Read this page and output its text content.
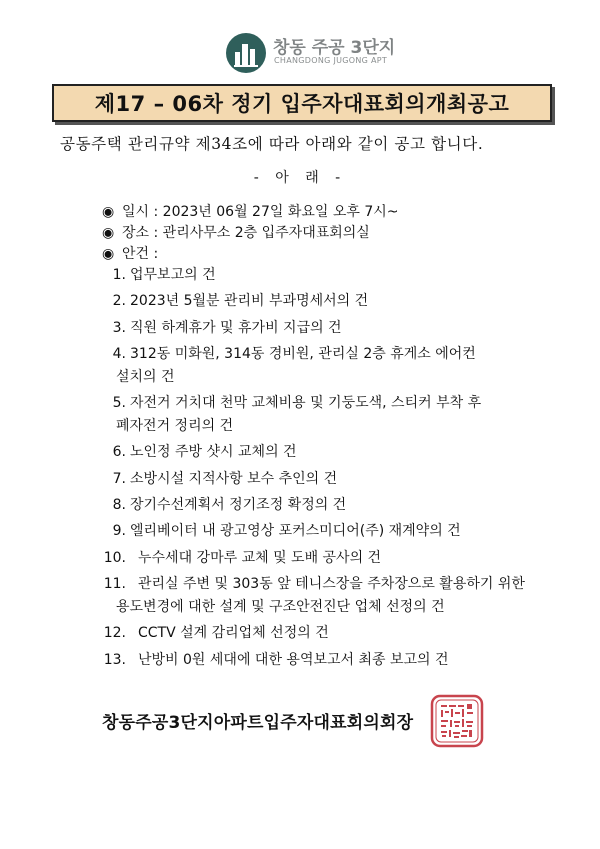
창동 주공 3단지
CHANGDONG JUGONG APT
제17 – 06차 정기 입주자대표회의개최공고
공동주택 관리규약 제34조에 따라 아래와 같이 공고 합니다.
- 아 래 -
◉ 일시 : 2023년 06월 27일 화요일 오후 7시~
◉ 장소 : 관리사무소 2층 입주자대표회의실
◉ 안건 :
1. 업무보고의 건
2. 2023년 5월분 관리비 부과명세서의 건
3. 직원 하계휴가 및 휴가비 지급의 건
4. 312동 미화원, 314동 경비원, 관리실 2층 휴게소 에어컨
설치의 건
5. 자전거 거치대 천막 교체비용 및 기둥도색, 스티커 부착 후
폐자전거 정리의 건
6. 노인정 주방 샷시 교체의 건
7. 소방시설 지적사항 보수 추인의 건
8. 장기수선계획서 정기조정 확정의 건
9. 엘리베이터 내 광고영상 포커스미디어(주) 재계약의 건
10. 누수세대 강마루 교체 및 도배 공사의 건
11. 관리실 주변 및 303동 앞 테니스장을 주차장으로 활용하기 위한
용도변경에 대한 설계 및 구조안전진단 업체 선정의 건
12. CCTV 설계 감리업체 선정의 건
13. 난방비 0원 세대에 대한 용역보고서 최종 보고의 건
창동주공3단지아파트입주자대표회의회장
